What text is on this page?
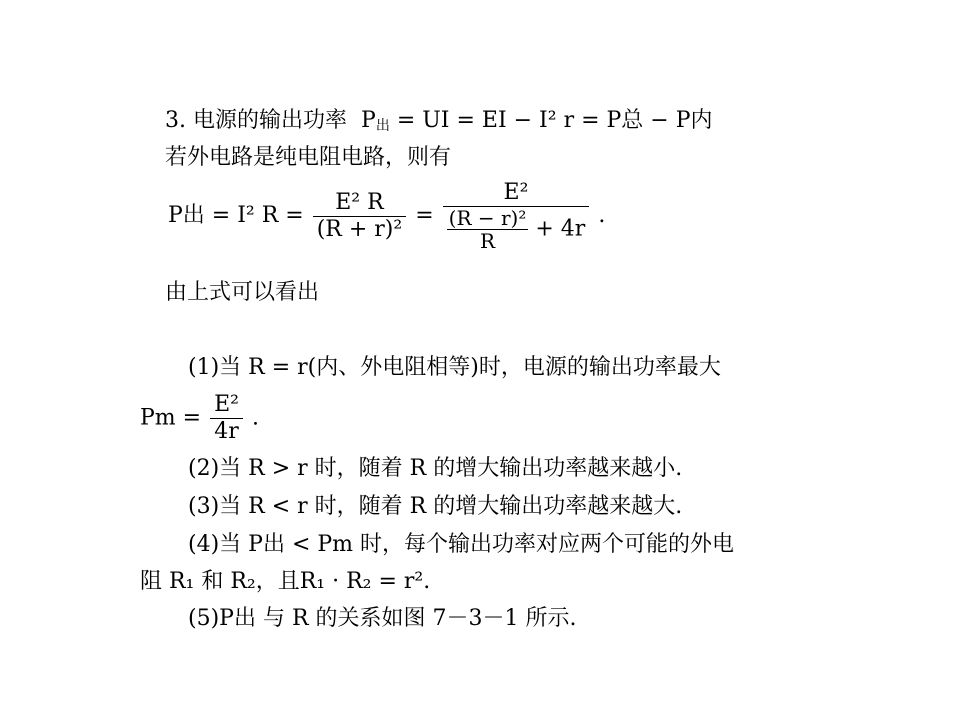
3. 电源的输出功率  $P_出$ = UI = EI − I² r = P总 − P内
若外电路是纯电阻电路，则有
P出 = I² $R = \frac{\text{E² R}}{\text{(R + r)²}} = \frac{\text{E²}}{\frac{\text{(R − r)²}}{R} + 4r}$ .
由上式可以看出
(1)当 R = r(内、外电阻相等)时，电源的输出功率最大
$Pm = \frac{\text{E²}}{4r}$ .
(2)当 R > r 时，随着 R 的增大输出功率越来越小.
(3)当 R < r 时，随着 R 的增大输出功率越来越大.
(4)当 P出 < Pm 时，每个输出功率对应两个可能的外电
阻 R₁ 和 R₂，且R₁ · R₂ = r².
(5)P出 与 R 的关系如图 7－3－1 所示.
